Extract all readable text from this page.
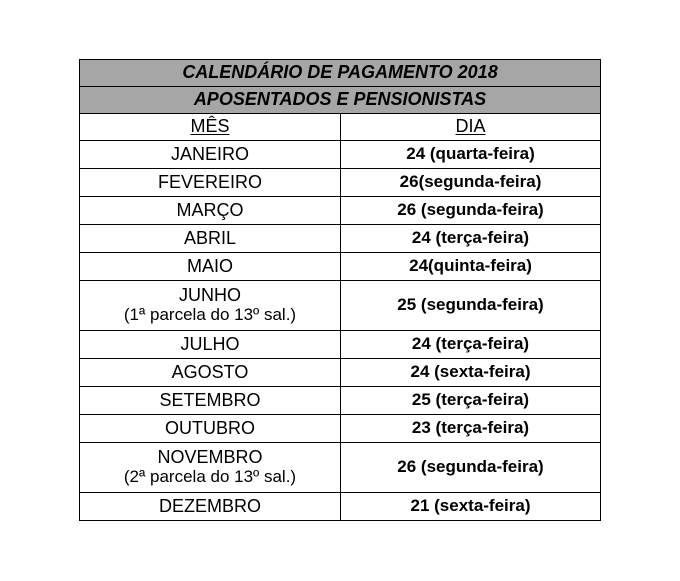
CALENDÁRIO DE PAGAMENTO 2018	
APOSENTADOS E PENSIONISTAS	
MÊS	DIA
JANEIRO	24 (quarta-feira)
FEVEREIRO	26(segunda-feira)
MARÇO	26 (segunda-feira)
ABRIL	24 (terça-feira)
MAIO	24(quinta-feira)
JUNHO
(1ª parcela do 13º sal.)	25 (segunda-feira)
JULHO	24 (terça-feira)
AGOSTO	24 (sexta-feira)
SETEMBRO	25 (terça-feira)
OUTUBRO	23 (terça-feira)
NOVEMBRO
(2ª parcela do 13º sal.)	26 (segunda-feira)
DEZEMBRO	21 (sexta-feira)
